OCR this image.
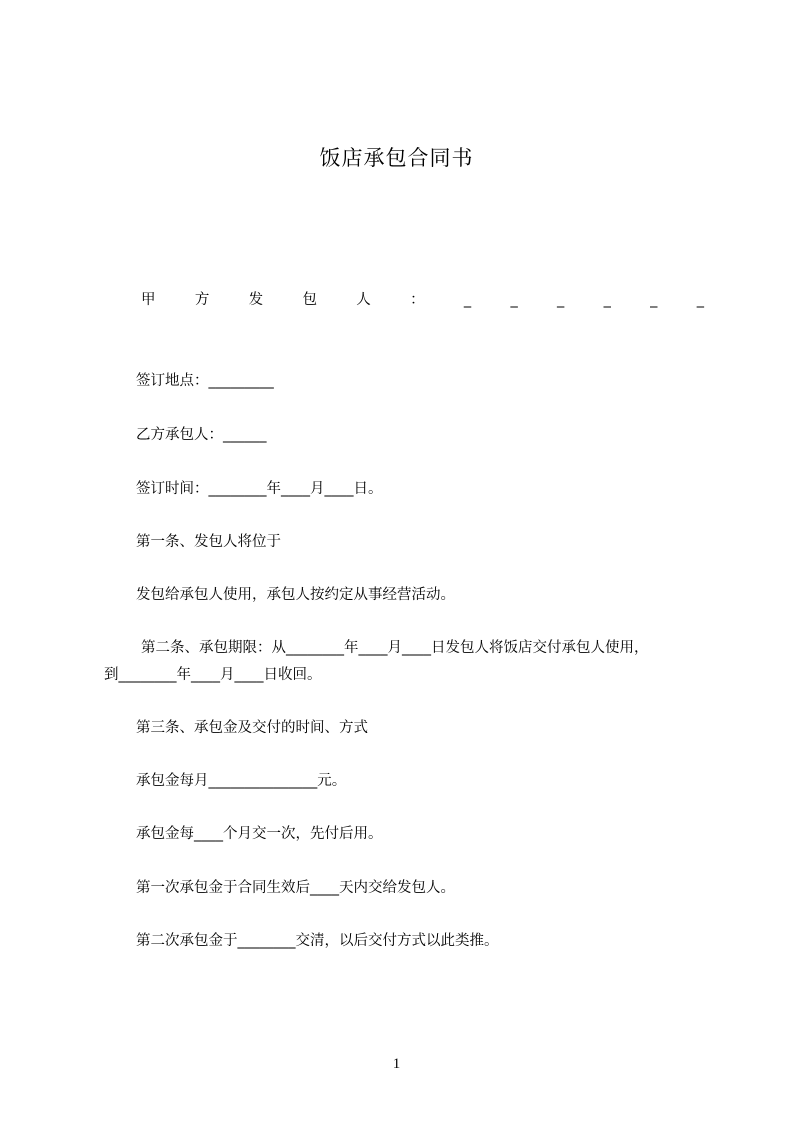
饭店承包合同书
甲	方	发	包	人	：	_	_	_	_	_	_
签订地点：_________
乙方承包人：______
签订时间：________年____月____日。
第一条、发包人将位于
发包给承包人使用，承包人按约定从事经营活动。
第二条、承包期限：从________年____月____日发包人将饭店交付承包人使用，
到________年____月____日收回。
第三条、承包金及交付的时间、方式
承包金每月_______________元。
承包金每____个月交一次，先付后用。
第一次承包金于合同生效后____天内交给发包人。
第二次承包金于________交清，以后交付方式以此类推。
1
